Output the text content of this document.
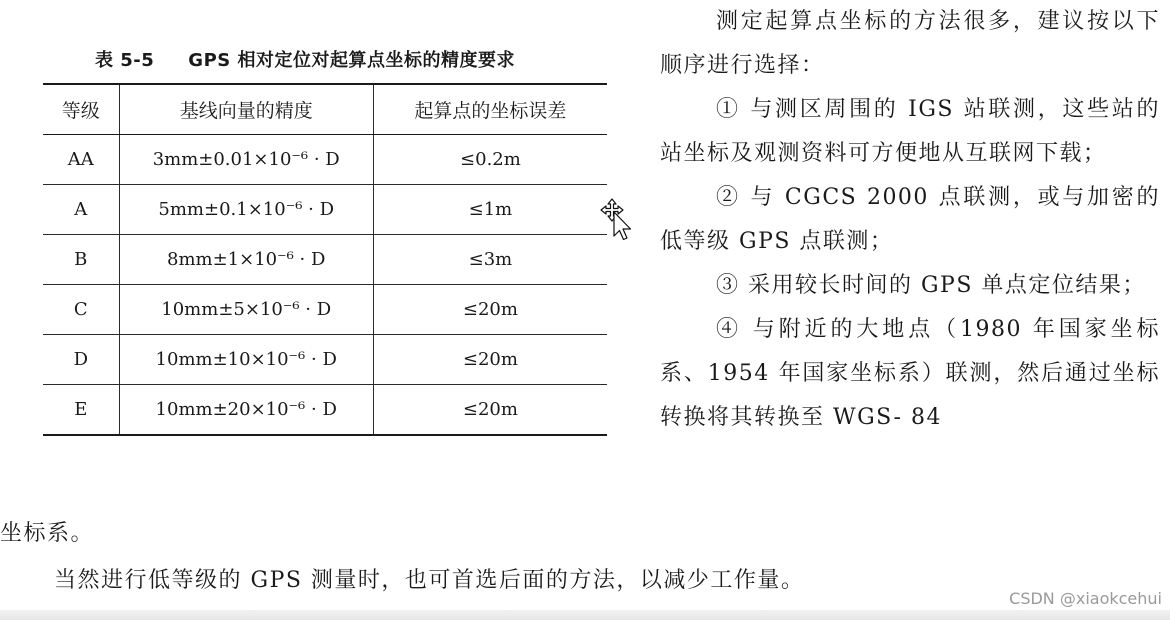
表 5-5 GPS 相对定位对起算点坐标的精度要求
等级	基线向量的精度	起算点的坐标误差
AA	3mm±0.01×10⁻⁶ · D	≤0.2m
A	5mm±0.1×10⁻⁶ · D	≤1m
B	8mm±1×10⁻⁶ · D	≤3m
C	10mm±5×10⁻⁶ · D	≤20m
D	10mm±10×10⁻⁶ · D	≤20m
E	10mm±20×10⁻⁶ · D	≤20m

测定起算点坐标的方法很多，建议按以下顺序进行选择：

① 与测区周围的 IGS 站联测，这些站的站坐标及观测资料可方便地从互联网下载；

② 与 CGCS 2000 点联测，或与加密的低等级 GPS 点联测；

③ 采用较长时间的 GPS 单点定位结果；

④ 与附近的大地点（1980 年国家坐标系、1954 年国家坐标系）联测，然后通过坐标转换将其转换至 WGS- 84

坐标系。
当然进行低等级的 GPS 测量时，也可首选后面的方法，以减少工作量。
CSDN @xiaokcehui
